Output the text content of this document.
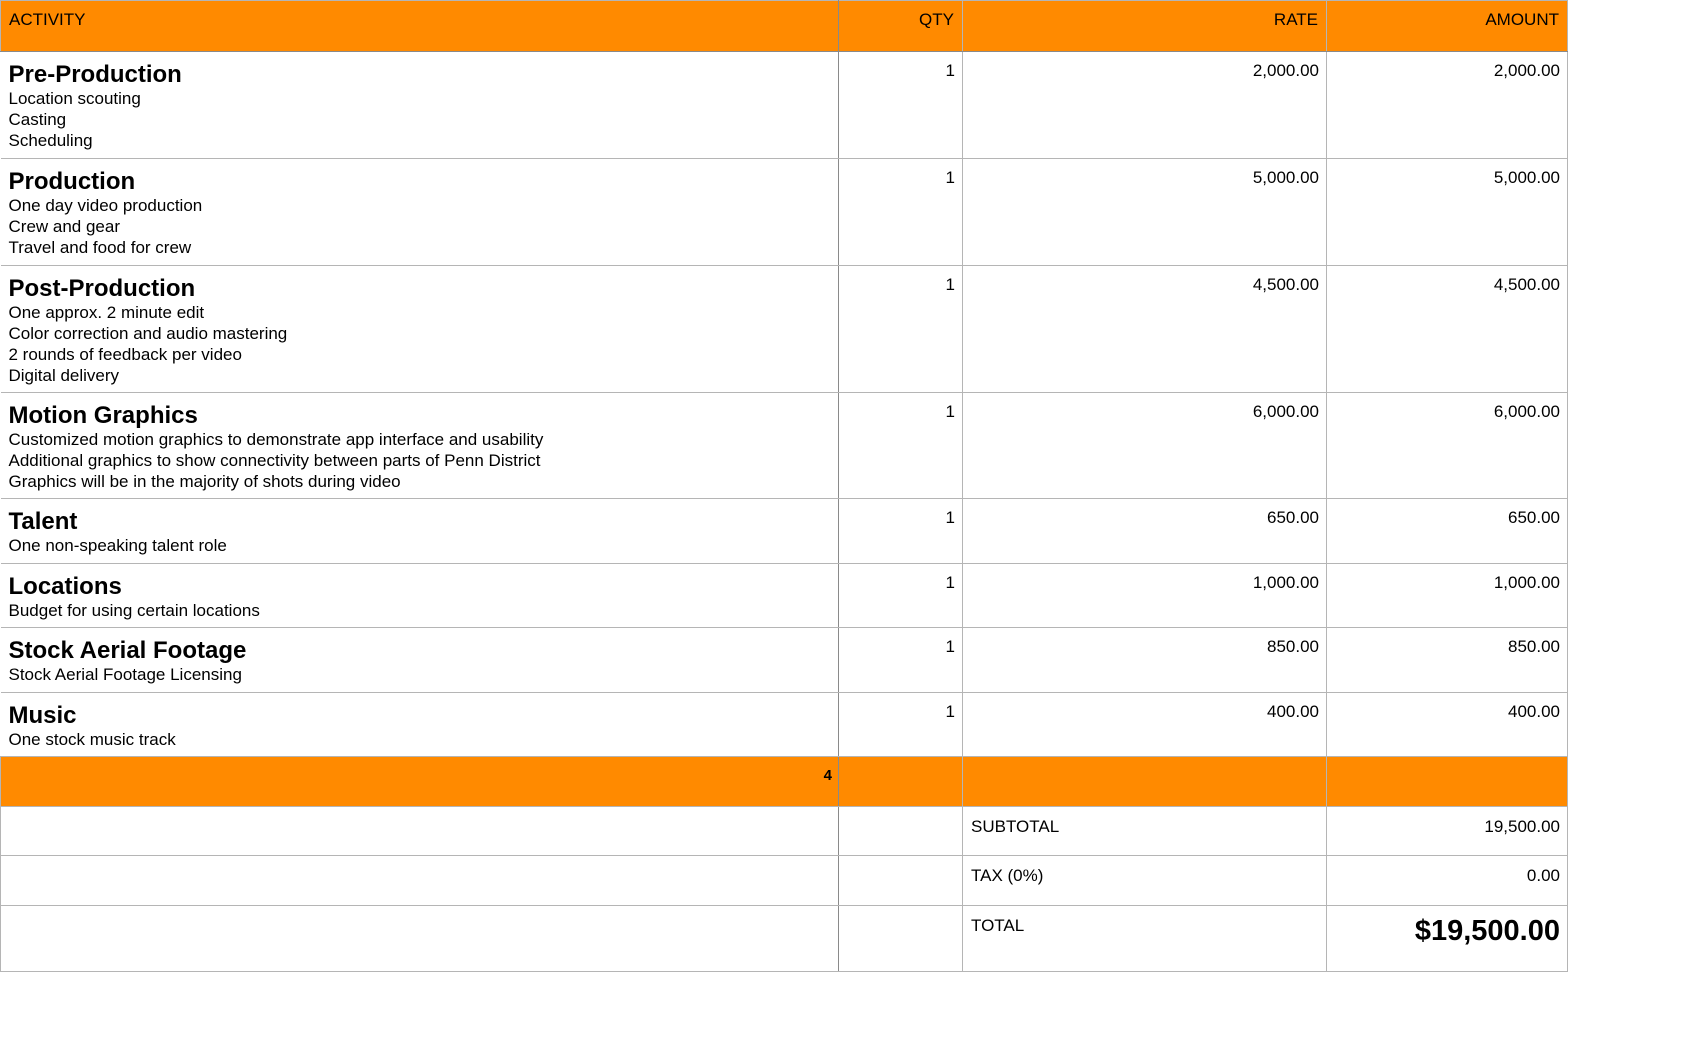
ACTIVITY	QTY	RATE	AMOUNT

Pre-Production
Location scouting
Casting
Scheduling	1	2,000.00	2,000.00

Production
One day video production
Crew and gear
Travel and food for crew	1	5,000.00	5,000.00

Post-Production
One approx. 2 minute edit
Color correction and audio mastering
2 rounds of feedback per video
Digital delivery	1	4,500.00	4,500.00

Motion Graphics
Customized motion graphics to demonstrate app interface and usability
Additional graphics to show connectivity between parts of Penn District
Graphics will be in the majority of shots during video	1	6,000.00	6,000.00

Talent
One non-speaking talent role	1	650.00	650.00

Locations
Budget for using certain locations	1	1,000.00	1,000.00

Stock Aerial Footage
Stock Aerial Footage Licensing	1	850.00	850.00

Music
One stock music track	1	400.00	400.00

4			

		SUBTOTAL	19,500.00

		TAX (0%)	0.00

		TOTAL	$19,500.00
